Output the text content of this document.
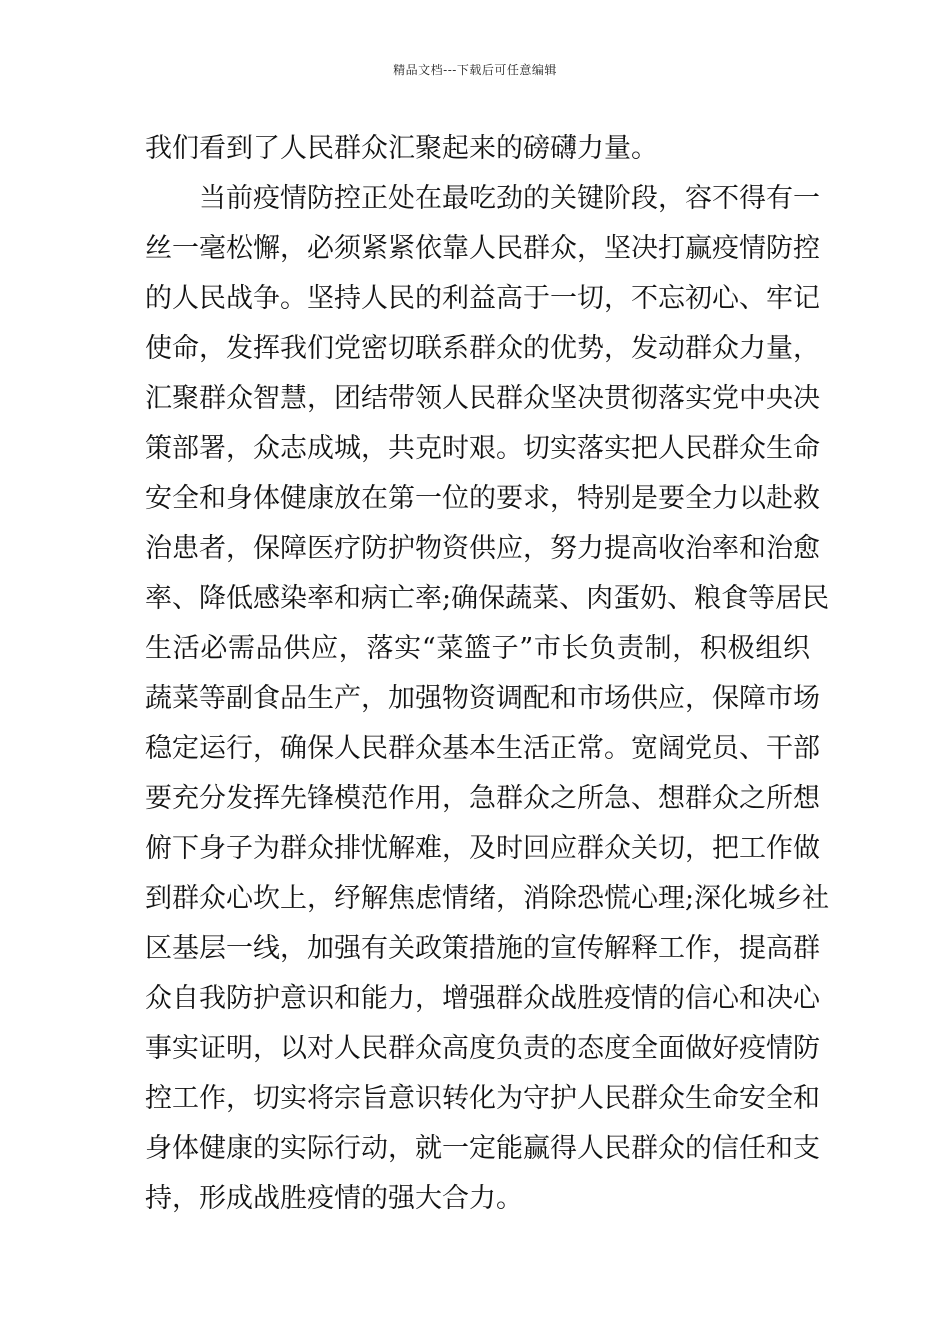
精品文档---下载后可任意编辑
我们看到了人民群众汇聚起来的磅礴力量。
　　当前疫情防控正处在最吃劲的关键阶段，容不得有一
丝一毫松懈，必须紧紧依靠人民群众，坚决打赢疫情防控
的人民战争。坚持人民的利益高于一切，不忘初心、牢记
使命，发挥我们党密切联系群众的优势，发动群众力量，
汇聚群众智慧，团结带领人民群众坚决贯彻落实党中央决
策部署，众志成城，共克时艰。切实落实把人民群众生命
安全和身体健康放在第一位的要求，特别是要全力以赴救
治患者，保障医疗防护物资供应，努力提高收治率和治愈
率、降低感染率和病亡率;确保蔬菜、肉蛋奶、粮食等居民
生活必需品供应，落实“菜篮子”市长负责制，积极组织
蔬菜等副食品生产，加强物资调配和市场供应，保障市场
稳定运行，确保人民群众基本生活正常。宽阔党员、干部
要充分发挥先锋模范作用，急群众之所急、想群众之所想
俯下身子为群众排忧解难，及时回应群众关切，把工作做
到群众心坎上，纾解焦虑情绪，消除恐慌心理;深化城乡社
区基层一线，加强有关政策措施的宣传解释工作，提高群
众自我防护意识和能力，增强群众战胜疫情的信心和决心
事实证明，以对人民群众高度负责的态度全面做好疫情防
控工作，切实将宗旨意识转化为守护人民群众生命安全和
身体健康的实际行动，就一定能赢得人民群众的信任和支
持，形成战胜疫情的强大合力。
